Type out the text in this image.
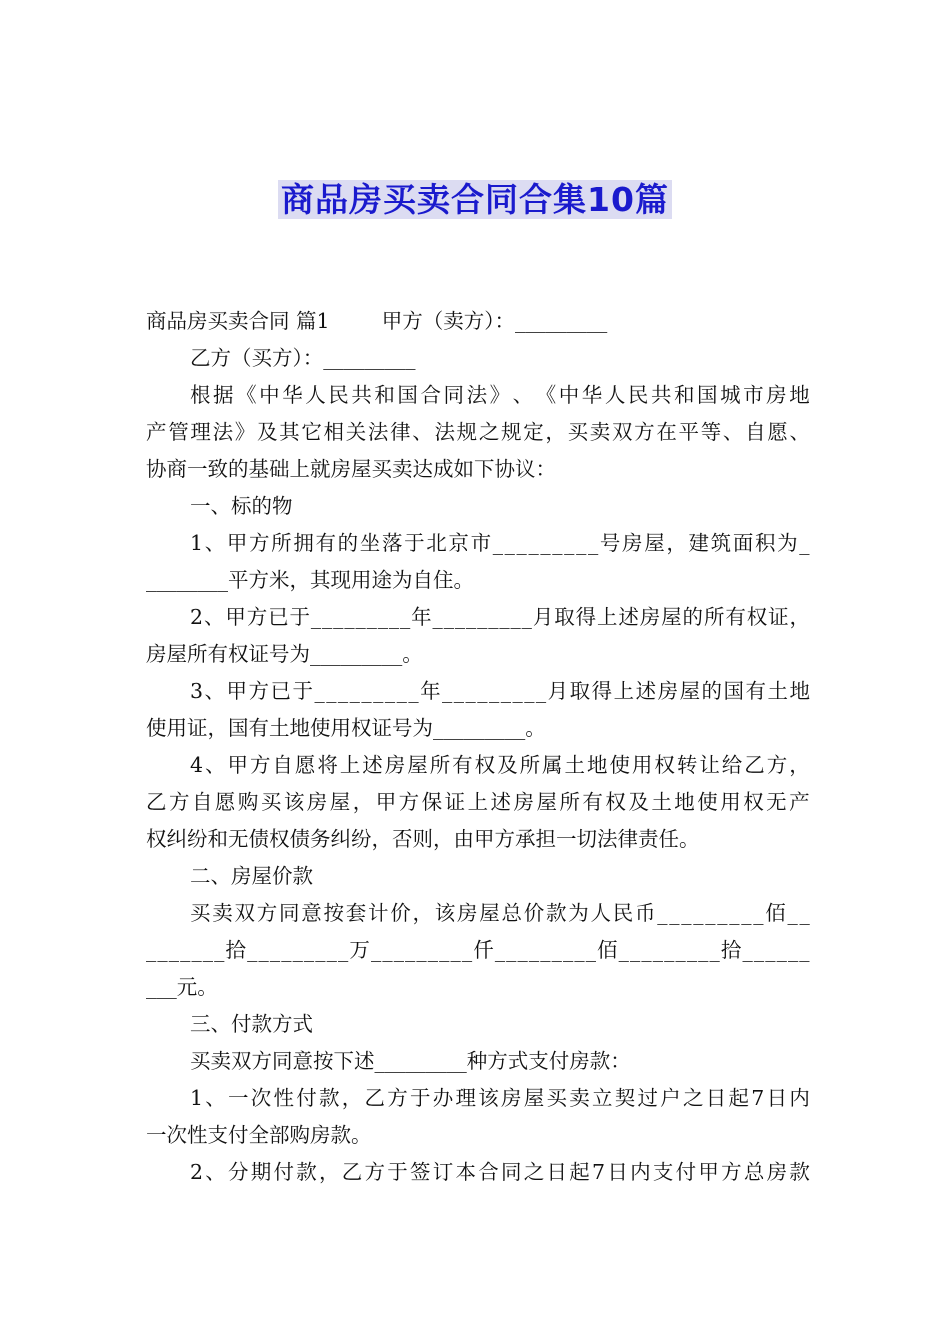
商品房买卖合同合集10篇
商品房买卖合同 篇1        甲方（卖方）：_________
乙方（买方）：_________
根 据 《 中 华 人 民 共 和 国 合 同 法 》 、 《 中 华 人 民 共 和 国 城 市 房 地
产 管 理 法 》 及 其 它 相 关 法 律 、 法 规 之 规 定 ， 买 卖 双 方 在 平 等 、 自 愿 、
协商一致的基础上就房屋买卖达成如下协议：
一、标的物
1 、 甲 方 所 拥 有 的 坐 落 于 北 京 市 _ _ _ _ _ _ _ _ _ 号 房 屋 ， 建 筑 面 积 为 _
________平方米，其现用途为自住。
2 、 甲 方 已 于 _ _ _ _ _ _ _ _ _ 年 _ _ _ _ _ _ _ _ _ 月 取 得 上 述 房 屋 的 所 有 权 证 ，
房屋所有权证号为_________。
3 、 甲 方 已 于 _ _ _ _ _ _ _ _ _ 年 _ _ _ _ _ _ _ _ _ 月 取 得 上 述 房 屋 的 国 有 土 地
使用证，国有土地使用权证号为_________。
4 、 甲 方 自 愿 将 上 述 房 屋 所 有 权 及 所 属 土 地 使 用 权 转 让 给 乙 方 ，
乙 方 自 愿 购 买 该 房 屋 ， 甲 方 保 证 上 述 房 屋 所 有 权 及 土 地 使 用 权 无 产
权纠纷和无债权债务纠纷，否则，由甲方承担一切法律责任。
二、房屋价款
买 卖 双 方 同 意 按 套 计 价 ， 该 房 屋 总 价 款 为 人 民 币 _ _ _ _ _ _ _ _ _ 佰 _ _
_ _ _ _ _ _ _ 拾 _ _ _ _ _ _ _ _ _ 万 _ _ _ _ _ _ _ _ _ 仟 _ _ _ _ _ _ _ _ _ 佰 _ _ _ _ _ _ _ _ _ 拾 _ _ _ _ _ _
___元。
三、付款方式
买卖双方同意按下述_________种方式支付房款：
1 、 一 次 性 付 款 ， 乙 方 于 办 理 该 房 屋 买 卖 立 契 过 户 之 日 起 7 日 内
一次性支付全部购房款。
2 、 分 期 付 款 ， 乙 方 于 签 订 本 合 同 之 日 起 7 日 内 支 付 甲 方 总 房 款
